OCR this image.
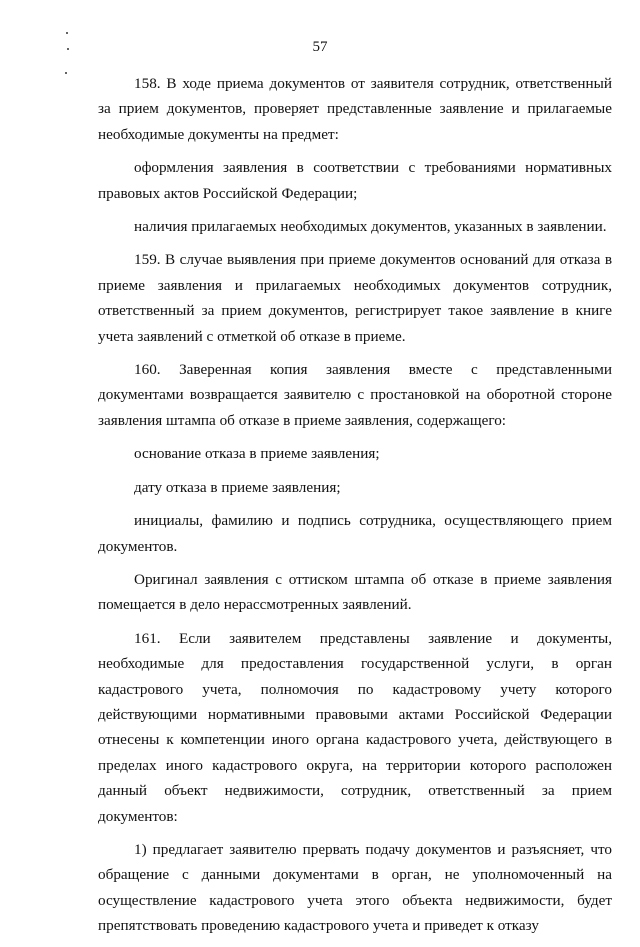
57

158. В ходе приема документов от заявителя сотрудник, ответственный за прием документов, проверяет представленные заявление и прилагаемые необходимые документы на предмет:

оформления заявления в соответствии с требованиями нормативных правовых актов Российской Федерации;

наличия прилагаемых необходимых документов, указанных в заявлении.

159. В случае выявления при приеме документов оснований для отказа в приеме заявления и прилагаемых необходимых документов сотрудник, ответственный за прием документов, регистрирует такое заявление в книге учета заявлений с отметкой об отказе в приеме.

160. Заверенная копия заявления вместе с представленными документами возвращается заявителю с простановкой на оборотной стороне заявления штампа об отказе в приеме заявления, содержащего:

основание отказа в приеме заявления;

дату отказа в приеме заявления;

инициалы, фамилию и подпись сотрудника, осуществляющего прием документов.

Оригинал заявления с оттиском штампа об отказе в приеме заявления помещается в дело нерассмотренных заявлений.

161. Если заявителем представлены заявление и документы, необходимые для предоставления государственной услуги, в орган кадастрового учета, полномочия по кадастровому учету которого действующими нормативными правовыми актами Российской Федерации отнесены к компетенции иного органа кадастрового учета, действующего в пределах иного кадастрового округа, на территории которого расположен данный объект недвижимости, сотрудник, ответственный за прием документов:

1) предлагает заявителю прервать подачу документов и разъясняет, что обращение с данными документами в орган, не уполномоченный на осуществление кадастрового учета этого объекта недвижимости, будет препятствовать проведению кадастрового учета и приведет к отказу
